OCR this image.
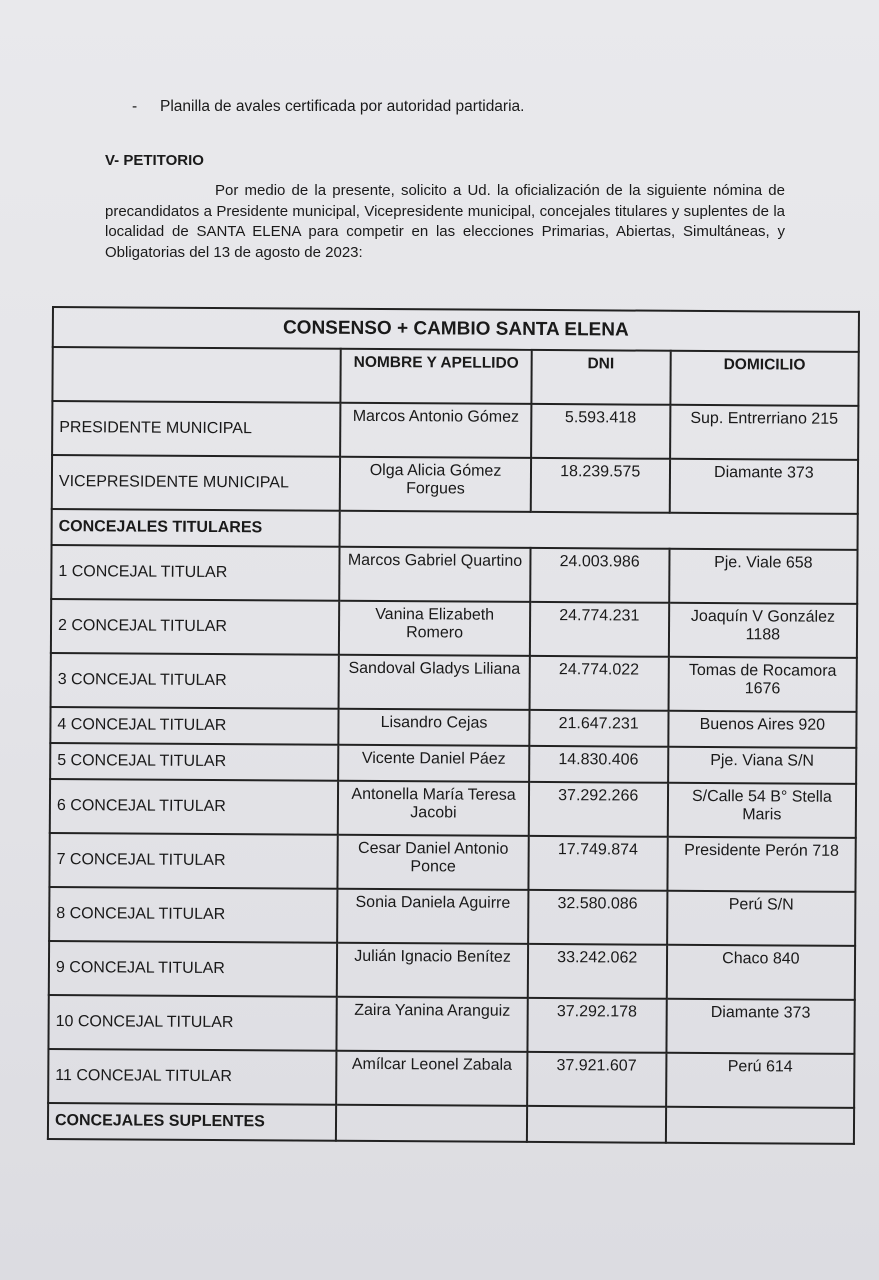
- Planilla de avales certificada por autoridad partidaria.
V- PETITORIO
Por medio de la presente, solicito a Ud. la oficialización de la siguiente nómina de precandidatos a Presidente municipal, Vicepresidente municipal, concejales titulares y suplentes de la localidad de SANTA ELENA para competir en las elecciones Primarias, Abiertas, Simultáneas, y Obligatorias del 13 de agosto de 2023:
CONSENSO + CAMBIO SANTA ELENA			
	NOMBRE Y APELLIDO	DNI	DOMICILIO
PRESIDENTE MUNICIPAL	Marcos Antonio Gómez	5.593.418	Sup. Entrerriano 215
VICEPRESIDENTE MUNICIPAL	Olga Alicia Gómez Forgues	18.239.575	Diamante 373
CONCEJALES TITULARES			
1 CONCEJAL TITULAR	Marcos Gabriel Quartino	24.003.986	Pje. Viale 658
2 CONCEJAL TITULAR	Vanina Elizabeth Romero	24.774.231	Joaquín V González 1188
3 CONCEJAL TITULAR	Sandoval Gladys Liliana	24.774.022	Tomas de Rocamora 1676
4 CONCEJAL TITULAR	Lisandro Cejas	21.647.231	Buenos Aires 920
5 CONCEJAL TITULAR	Vicente Daniel Páez	14.830.406	Pje. Viana S/N
6 CONCEJAL TITULAR	Antonella María Teresa Jacobi	37.292.266	S/Calle 54 B° Stella Maris
7 CONCEJAL TITULAR	Cesar Daniel Antonio Ponce	17.749.874	Presidente Perón 718
8 CONCEJAL TITULAR	Sonia Daniela Aguirre	32.580.086	Perú S/N
9 CONCEJAL TITULAR	Julián Ignacio Benítez	33.242.062	Chaco 840
10 CONCEJAL TITULAR	Zaira Yanina Aranguiz	37.292.178	Diamante 373
11 CONCEJAL TITULAR	Amílcar Leonel Zabala	37.921.607	Perú 614
CONCEJALES SUPLENTES			
